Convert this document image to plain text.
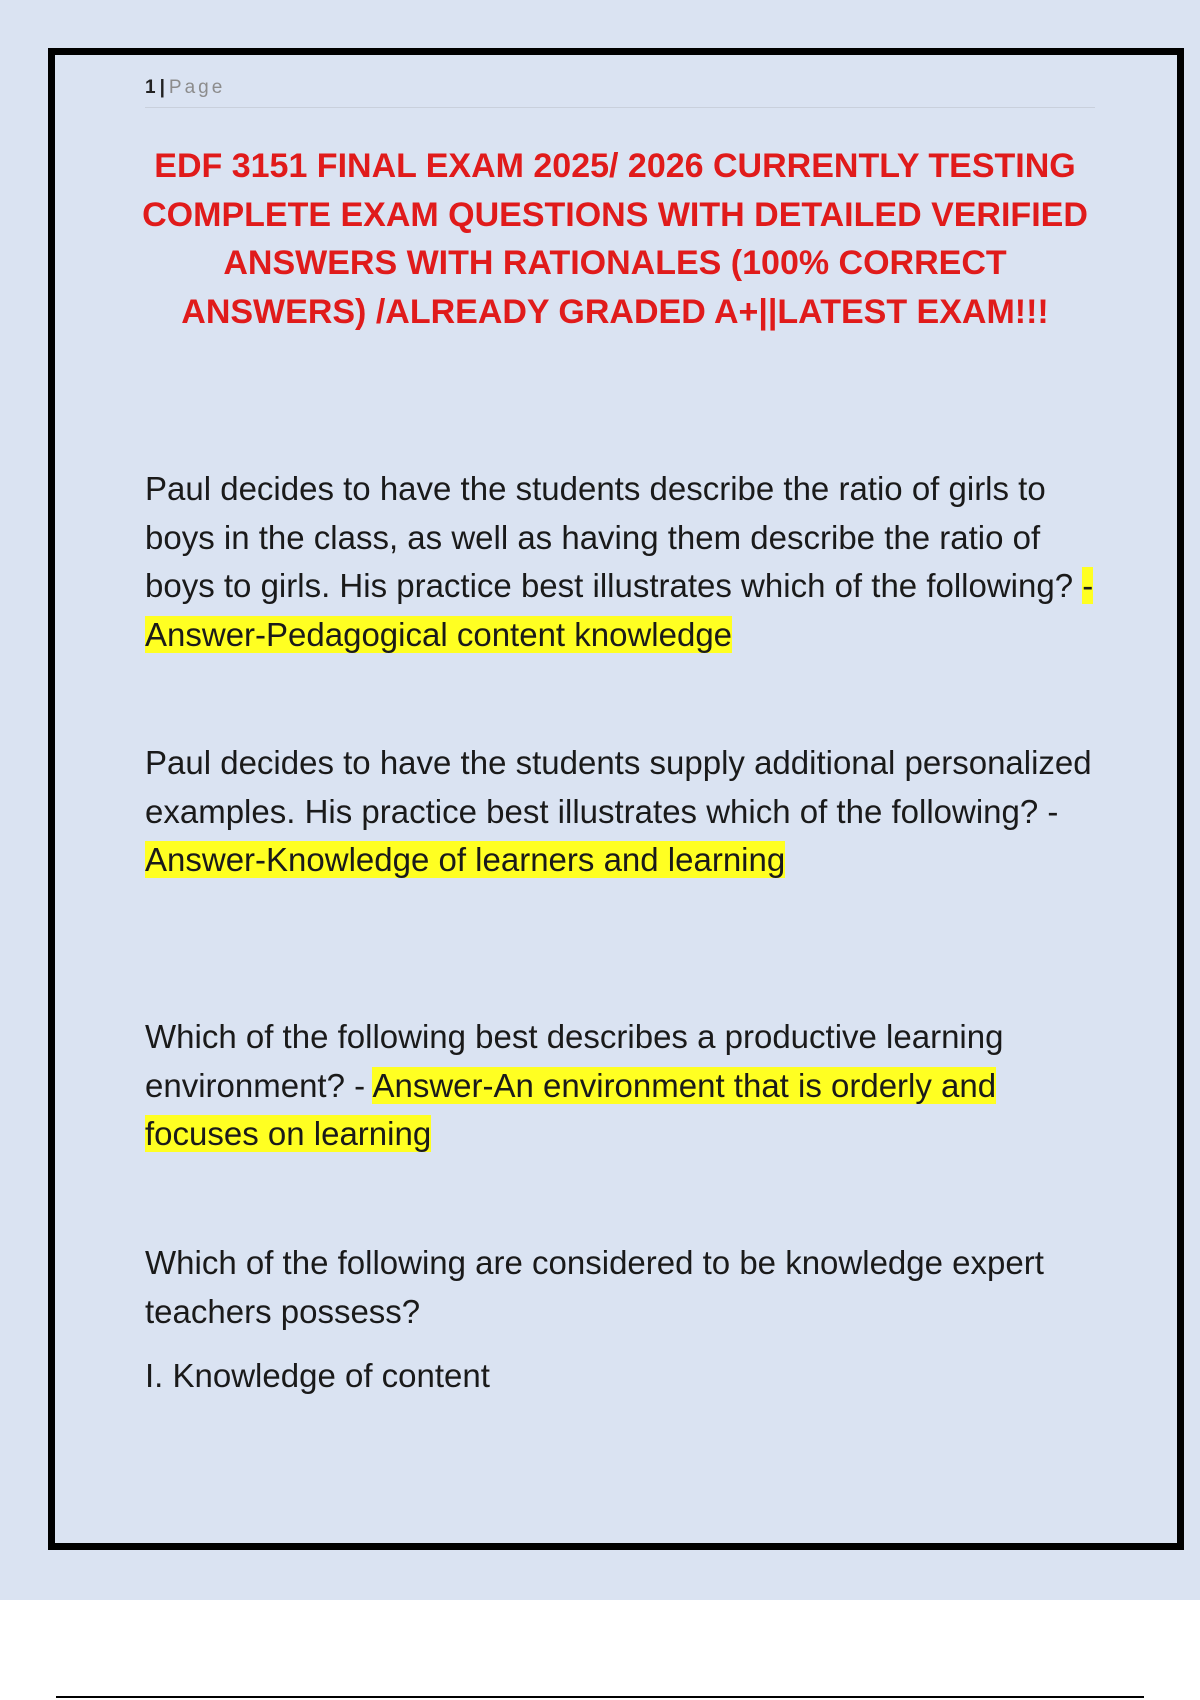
1 | Page
EDF 3151 FINAL EXAM 2025/ 2026 CURRENTLY TESTING COMPLETE EXAM QUESTIONS WITH DETAILED VERIFIED ANSWERS WITH RATIONALES (100% CORRECT ANSWERS) /ALREADY GRADED A+||LATEST EXAM!!!
Paul decides to have the students describe the ratio of girls to boys in the class, as well as having them describe the ratio of boys to girls. His practice best illustrates which of the following? - Answer-Pedagogical content knowledge
Paul decides to have the students supply additional personalized examples. His practice best illustrates which of the following? - Answer-Knowledge of learners and learning
Which of the following best describes a productive learning environment? - Answer-An environment that is orderly and focuses on learning
Which of the following are considered to be knowledge expert teachers possess?
I. Knowledge of content
